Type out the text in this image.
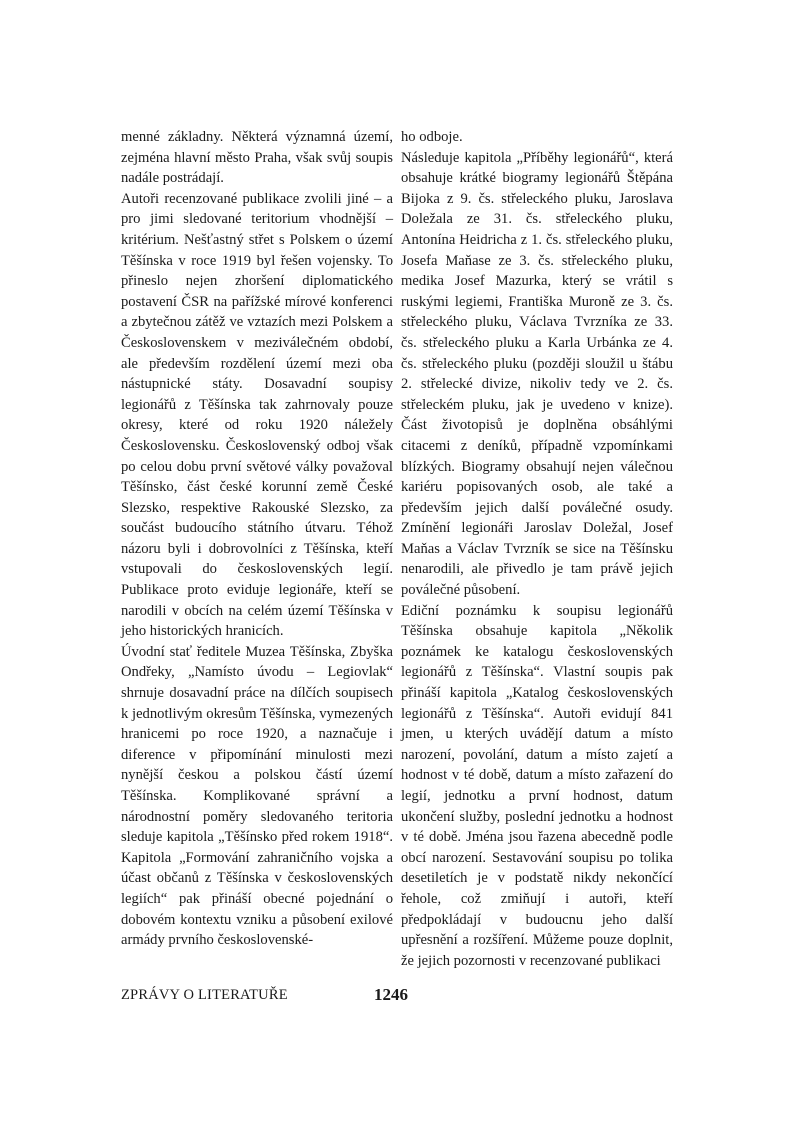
menné základny. Některá významná území, zejména hlavní město Praha, však svůj soupis nadále postrádají.

Autoři recenzované publikace zvolili jiné – a pro jimi sledované teritorium vhodnější – kritérium. Nešťastný střet s Polskem o území Těšínska v roce 1919 byl řešen vojensky. To přineslo nejen zhoršení diplomatického postavení ČSR na pařížské mírové konferenci a zbytečnou zátěž ve vztazích mezi Polskem a Československem v meziválečném období, ale především rozdělení území mezi oba nástupnické státy. Dosavadní soupisy legionářů z Těšínska tak zahrnovaly pouze okresy, které od roku 1920 náležely Československu. Československý odboj však po celou dobu první světové války považoval Těšínsko, část české korunní země České Slezsko, respektive Rakouské Slezsko, za součást budoucího státního útvaru. Téhož názoru byli i dobrovolníci z Těšínska, kteří vstupovali do československých legií. Publikace proto eviduje legionáře, kteří se narodili v obcích na celém území Těšínska v jeho historických hranicích.

Úvodní stať ředitele Muzea Těšínska, Zbyška Ondřeky, „Namísto úvodu – Legiovlak“ shrnuje dosavadní práce na dílčích soupisech k jednotlivým okresům Těšínska, vymezených hranicemi po roce 1920, a naznačuje i diference v připomínání minulosti mezi nynější českou a polskou částí území Těšínska. Komplikované správní a národnostní poměry sledovaného teritoria sleduje kapitola „Těšínsko před rokem 1918“. Kapitola „Formování zahraničního vojska a účast občanů z Těšínska v československých legiích“ pak přináší obecné pojednání o dobovém kontextu vzniku a působení exilové armády prvního československé-

ho odboje.

Následuje kapitola „Příběhy legionářů“, která obsahuje krátké biogramy legionářů Štěpána Bijoka z 9. čs. střeleckého pluku, Jaroslava Doležala ze 31. čs. střeleckého pluku, Antonína Heidricha z 1. čs. střeleckého pluku, Josefa Maňase ze 3. čs. střeleckého pluku, medika Josef Mazurka, který se vrátil s ruskými legiemi, Františka Muroně ze 3. čs. střeleckého pluku, Václava Tvrzníka ze 33. čs. střeleckého pluku a Karla Urbánka ze 4. čs. střeleckého pluku (později sloužil u štábu 2. střelecké divize, nikoliv tedy ve 2. čs. střeleckém pluku, jak je uvedeno v knize). Část životopisů je doplněna obsáhlými citacemi z deníků, případně vzpomínkami blízkých. Biogramy obsahují nejen válečnou kariéru popisovaných osob, ale také a především jejich další poválečné osudy. Zmínění legionáři Jaroslav Doležal, Josef Maňas a Václav Tvrzník se sice na Těšínsku nenarodili, ale přivedlo je tam právě jejich poválečné působení.

Ediční poznámku k soupisu legionářů Těšínska obsahuje kapitola „Několik poznámek ke katalogu československých legionářů z Těšínska“. Vlastní soupis pak přináší kapitola „Katalog československých legionářů z Těšínska“. Autoři evidují 841 jmen, u kterých uvádějí datum a místo narození, povolání, datum a místo zajetí a hodnost v té době, datum a místo zařazení do legií, jednotku a první hodnost, datum ukončení služby, poslední jednotku a hodnost v té době. Jména jsou řazena abecedně podle obcí narození. Sestavování soupisu po tolika desetiletích je v podstatě nikdy nekončící řehole, což zmiňují i autoři, kteří předpokládají v budoucnu jeho další upřesnění a rozšíření. Můžeme pouze doplnit, že jejich pozornosti v recenzované publikaci

ZPRÁVY O LITERATUŘE	1246
